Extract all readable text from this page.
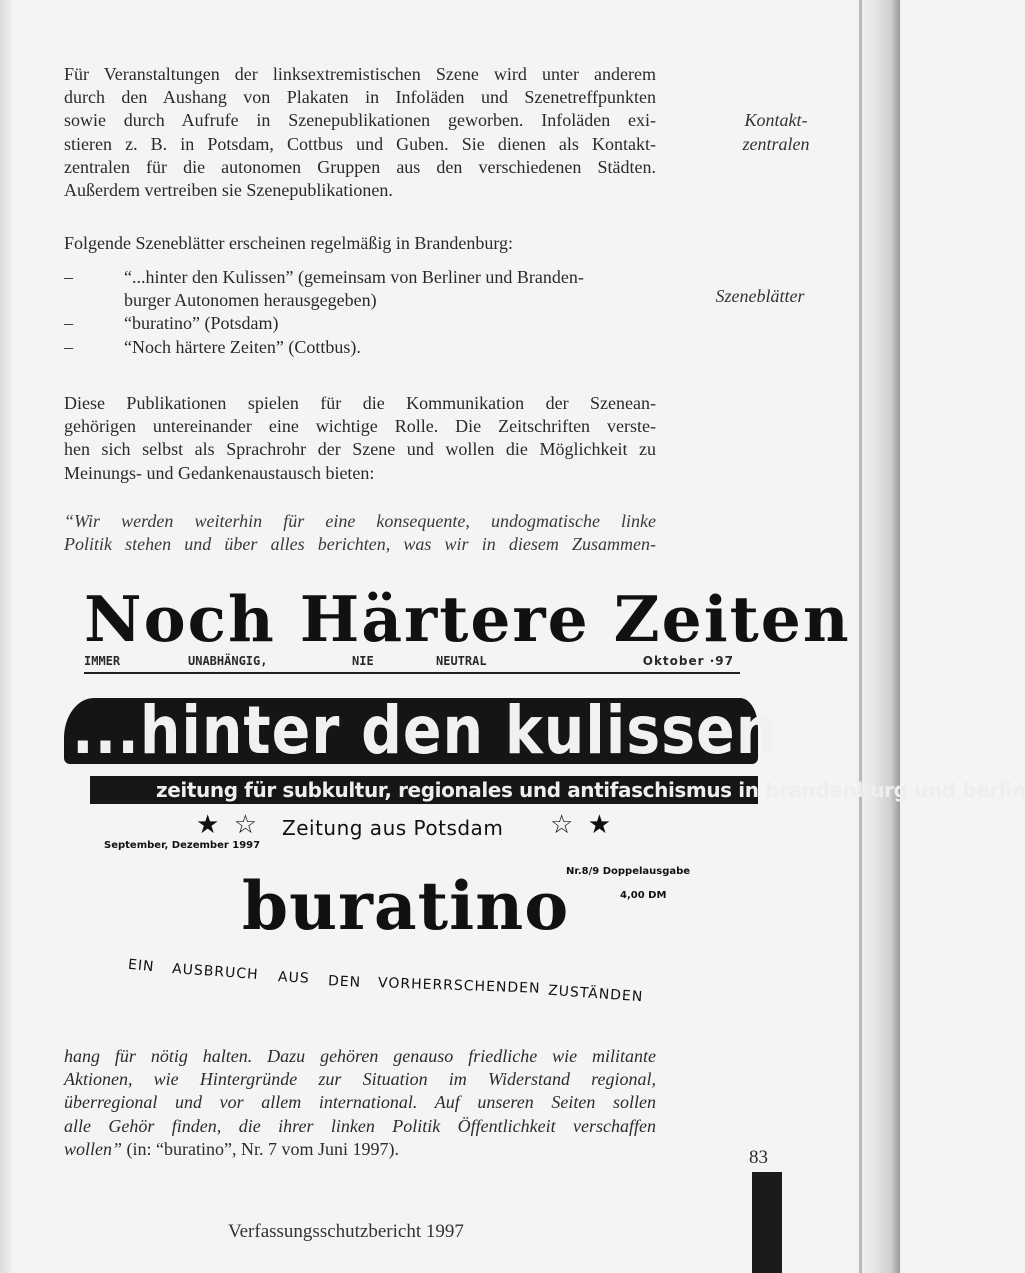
Für Veranstaltungen der linksextremistischen Szene wird unter anderem
durch den Aushang von Plakaten in Infoläden und Szenetreffpunkten
sowie durch Aufrufe in Szenepublikationen geworben. Infoläden exi-
stieren z. B. in Potsdam, Cottbus und Guben. Sie dienen als Kontakt-
zentralen für die autonomen Gruppen aus den verschiedenen Städten.
Außerdem vertreiben sie Szenepublikationen.
Kontakt-
zentralen
Folgende Szeneblätter erscheinen regelmäßig in Brandenburg:
–	“...hinter den Kulissen” (gemeinsam von Berliner und Branden-
burger Autonomen herausgegeben)
–	“buratino” (Potsdam)
–	“Noch härtere Zeiten” (Cottbus).
Szeneblätter
Diese Publikationen spielen für die Kommunikation der Szenean-
gehörigen untereinander eine wichtige Rolle. Die Zeitschriften verste-
hen sich selbst als Sprachrohr der Szene und wollen die Möglichkeit zu
Meinungs- und Gedankenaustausch bieten:
“Wir werden weiterhin für eine konsequente, undogmatische linke
Politik stehen und über alles berichten, was wir in diesem Zusammen-
Noch Härtere Zeiten
IMMER	UNABHÄNGIG,	NIE	NEUTRAL	Oktober ·97
...hinter den kulissen
zeitung für subkultur, regionales und antifaschismus in brandenburg und berlin
★ ☆ Zeitung aus Potsdam ☆ ★
September, Dezember 1997
Nr.8/9 Doppelausgabe
4,00 DM
buratino
EIN AUSBRUCH AUS DEN VORHERRSCHENDEN ZUSTÄNDEN
hang für nötig halten. Dazu gehören genauso friedliche wie militante
Aktionen, wie Hintergründe zur Situation im Widerstand regional,
überregional und vor allem international. Auf unseren Seiten sollen
alle Gehör finden, die ihrer linken Politik Öffentlichkeit verschaffen
wollen” (in: “buratino”, Nr. 7 vom Juni 1997).	83
Verfassungsschutzbericht 1997
